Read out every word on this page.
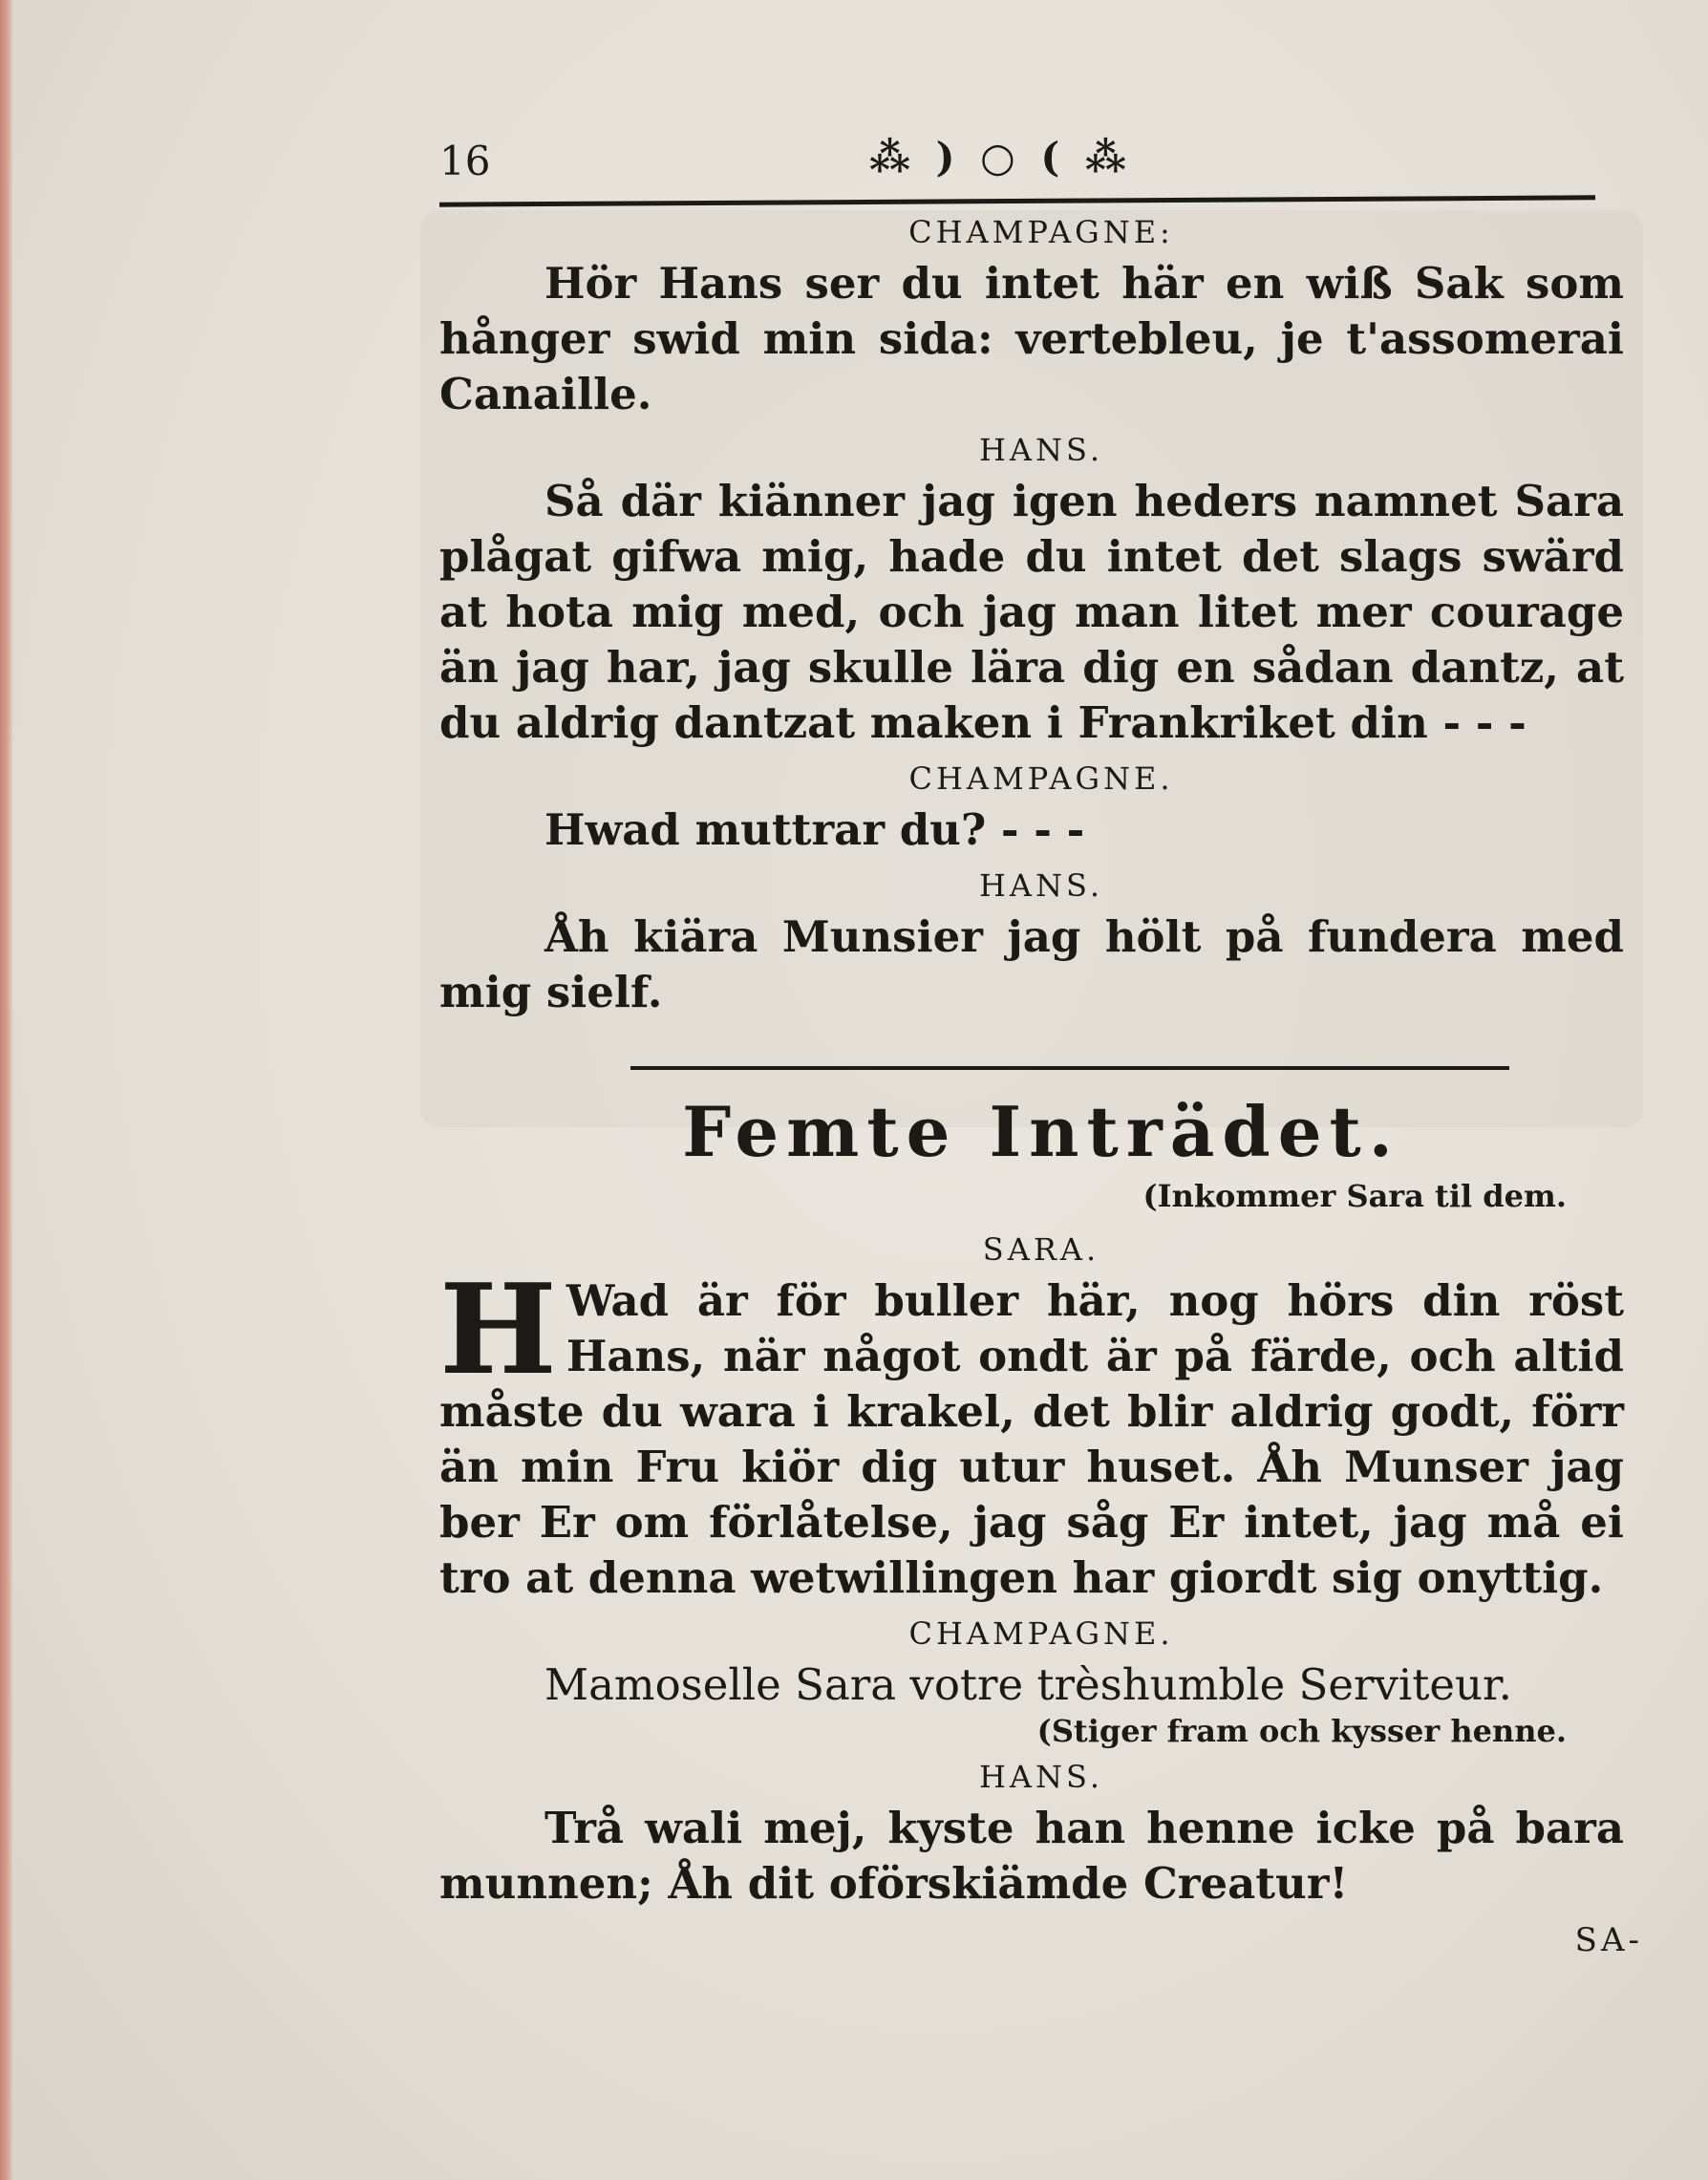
16	⁂ ) ○ ( ⁂
CHAMPAGNE:
Hör Hans ser du intet här en wiß Sak som hånger swid min sida: vertebleu, je t'assomerai Canaille.
HANS.
Så där kiänner jag igen heders namnet Sara plågat gifwa mig, hade du intet det slags swärd at hota mig med, och jag man litet mer courage än jag har, jag skulle lära dig en sådan dantz, at du aldrig dantzat maken i Frankriket din - - -
CHAMPAGNE.
Hwad muttrar du? - - -
HANS.
Åh kiära Munsier jag hölt på fundera med mig sielf.
Femte Inträdet.
(Inkommer Sara til dem.
SARA.
H Wad är för buller här, nog hörs din röst Hans, när något ondt är på färde, och altid måste du wara i krakel, det blir aldrig godt, förr än min Fru kiör dig utur huset. Åh Munser jag ber Er om förlåtelse, jag såg Er intet, jag må ei tro at denna wetwillingen har giordt sig onyttig.
CHAMPAGNE.
Mamoselle Sara votre trèshumble Serviteur.
(Stiger fram och kysser henne.
HANS.
Trå wali mej, kyste han henne icke på bara munnen; Åh dit oförskiämde Creatur!
SA-
